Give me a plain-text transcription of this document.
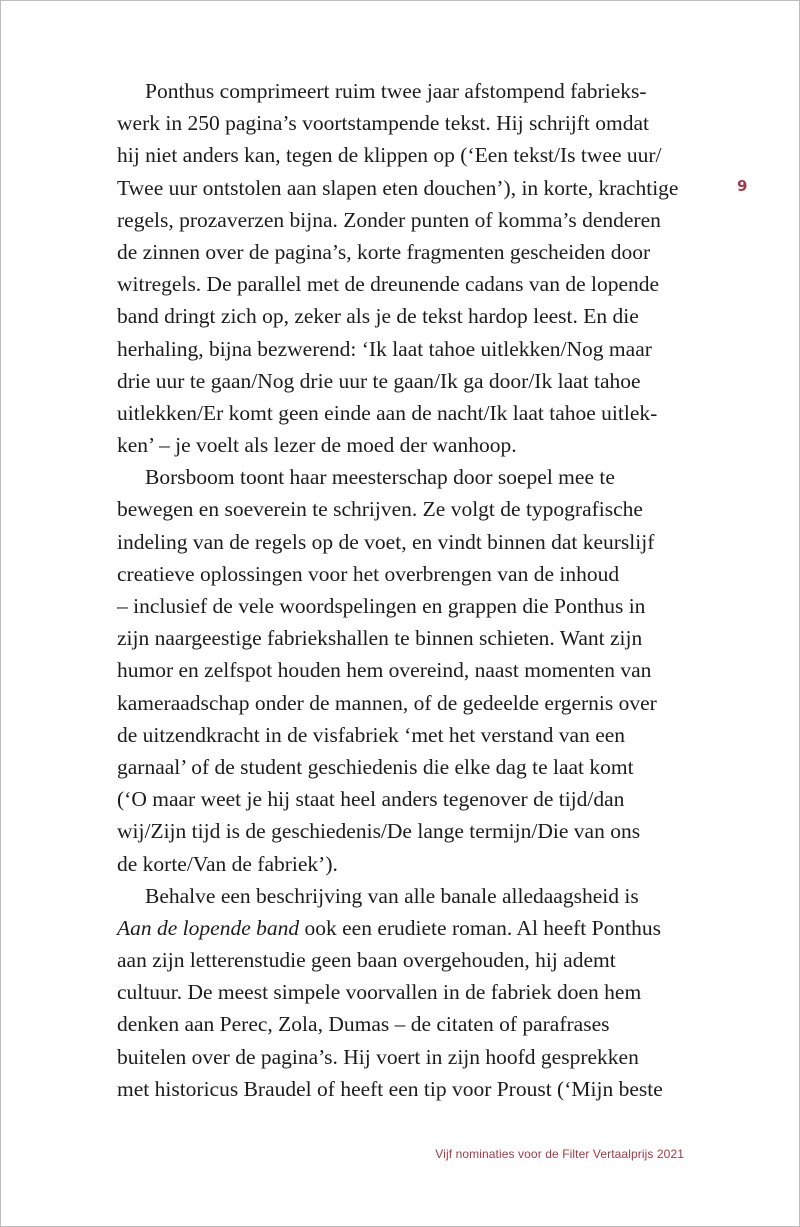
9
Ponthus comprimeert ruim twee jaar afstompend fabrieks-
werk in 250 pagina’s voortstampende tekst. Hij schrijft omdat
hij niet anders kan, tegen de klippen op (‘Een tekst/Is twee uur/
Twee uur ontstolen aan slapen eten douchen’), in korte, krachtige
regels, prozaverzen bijna. Zonder punten of komma’s denderen
de zinnen over de pagina’s, korte fragmenten gescheiden door
witregels. De parallel met de dreunende cadans van de lopende
band dringt zich op, zeker als je de tekst hardop leest. En die
herhaling, bijna bezwerend: ‘Ik laat tahoe uitlekken/Nog maar
drie uur te gaan/Nog drie uur te gaan/Ik ga door/Ik laat tahoe
uitlekken/Er komt geen einde aan de nacht/Ik laat tahoe uitlek-
ken’ – je voelt als lezer de moed der wanhoop.
Borsboom toont haar meesterschap door soepel mee te
bewegen en soeverein te schrijven. Ze volgt de typografische
indeling van de regels op de voet, en vindt binnen dat keurslijf
creatieve oplossingen voor het overbrengen van de inhoud
– inclusief de vele woordspelingen en grappen die Ponthus in
zijn naargeestige fabriekshallen te binnen schieten. Want zijn
humor en zelfspot houden hem overeind, naast momenten van
kameraadschap onder de mannen, of de gedeelde ergernis over
de uitzendkracht in de visfabriek ‘met het verstand van een
garnaal’ of de student geschiedenis die elke dag te laat komt
(‘O maar weet je hij staat heel anders tegenover de tijd/dan
wij/Zijn tijd is de geschiedenis/De lange termijn/Die van ons
de korte/Van de fabriek’).
Behalve een beschrijving van alle banale alledaagsheid is
Aan de lopende band ook een erudiete roman. Al heeft Ponthus
aan zijn letterenstudie geen baan overgehouden, hij ademt
cultuur. De meest simpele voorvallen in de fabriek doen hem
denken aan Perec, Zola, Dumas – de citaten of parafrases
buitelen over de pagina’s. Hij voert in zijn hoofd gesprekken
met historicus Braudel of heeft een tip voor Proust (‘Mijn beste
Vijf nominaties voor de Filter Vertaalprijs 2021
